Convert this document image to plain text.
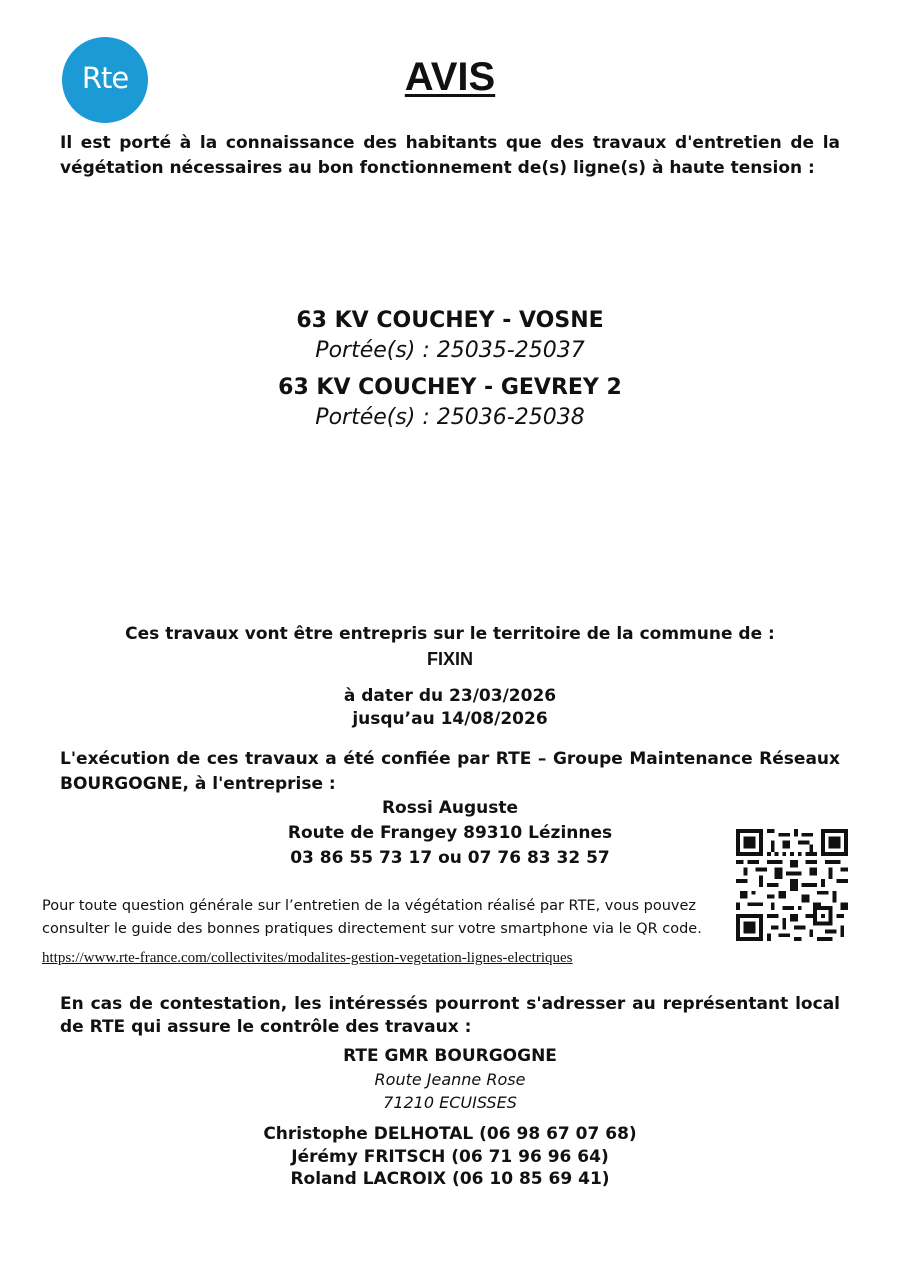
Rte	AVIS
Il est porté à la connaissance des habitants que des travaux d'entretien de la végétation nécessaires au bon fonctionnement de(s) ligne(s) à haute tension :
63 KV COUCHEY - VOSNE
Portée(s) : 25035-25037
63 KV COUCHEY - GEVREY 2
Portée(s) : 25036-25038
Ces travaux vont être entrepris sur le territoire de la commune de :
FIXIN
à dater du 23/03/2026
jusqu’au 14/08/2026
L'exécution de ces travaux a été confiée par RTE – Groupe Maintenance Réseaux BOURGOGNE, à l'entreprise :
Rossi Auguste
Route de Frangey 89310 Lézinnes
03 86 55 73 17 ou 07 76 83 32 57
Pour toute question générale sur l’entretien de la végétation réalisé par RTE, vous pouvez
consulter le guide des bonnes pratiques directement sur votre smartphone via le QR code.
https://www.rte-france.com/collectivites/modalites-gestion-vegetation-lignes-electriques
En cas de contestation, les intéressés pourront s'adresser au représentant local de RTE qui assure le contrôle des travaux :
RTE GMR BOURGOGNE
Route Jeanne Rose
71210 ECUISSES
Christophe DELHOTAL (06 98 67 07 68)
Jérémy FRITSCH (06 71 96 96 64)
Roland LACROIX (06 10 85 69 41)
